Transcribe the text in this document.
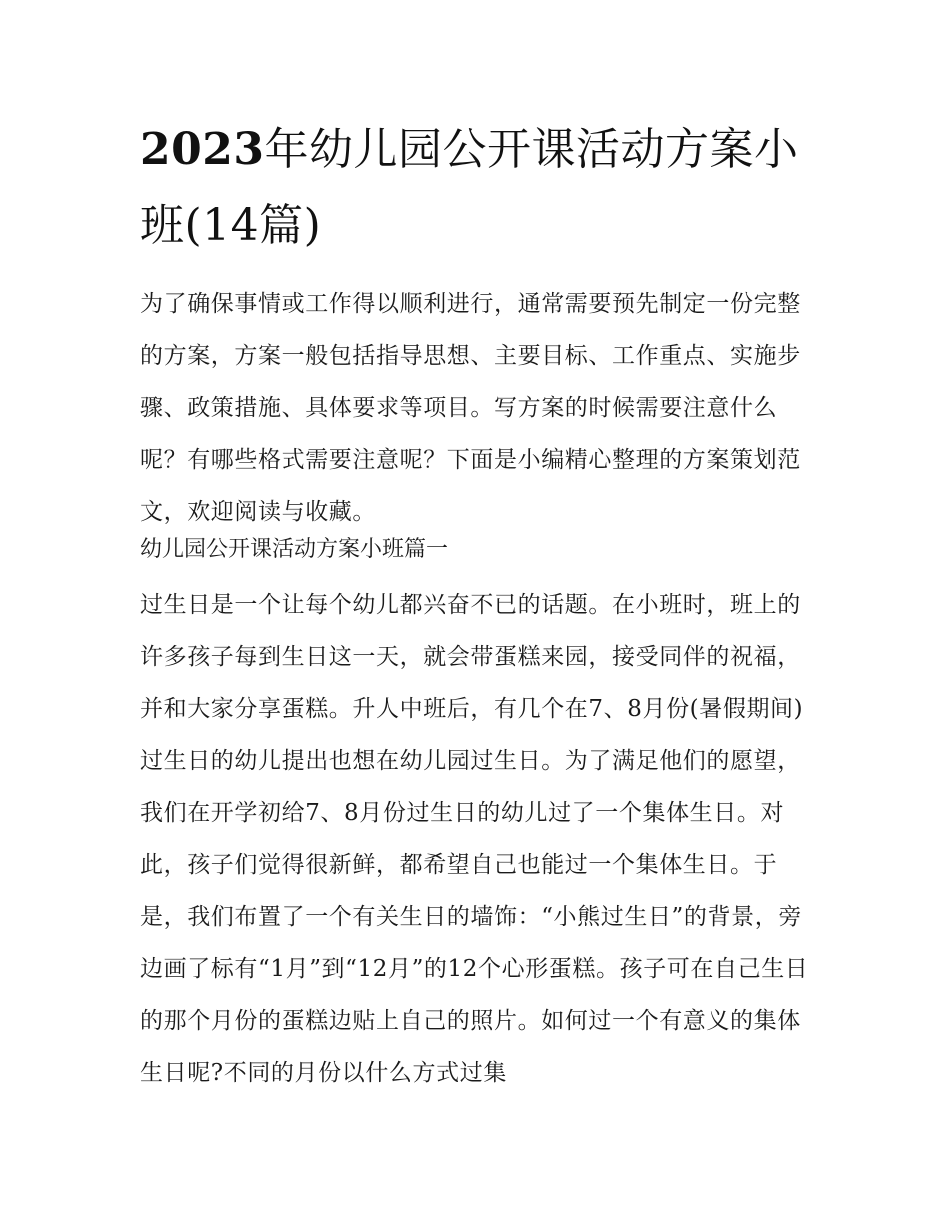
2023年幼儿园公开课活动方案小班(14篇)

为了确保事情或工作得以顺利进行，通常需要预先制定一份完整的方案，方案一般包括指导思想、主要目标、工作重点、实施步骤、政策措施、具体要求等项目。写方案的时候需要注意什么呢？有哪些格式需要注意呢？下面是小编精心整理的方案策划范文，欢迎阅读与收藏。

幼儿园公开课活动方案小班篇一

过生日是一个让每个幼儿都兴奋不已的话题。在小班时，班上的许多孩子每到生日这一天，就会带蛋糕来园，接受同伴的祝福，并和大家分享蛋糕。升人中班后，有几个在7、8月份(暑假期间)过生日的幼儿提出也想在幼儿园过生日。为了满足他们的愿望，我们在开学初给7、8月份过生日的幼儿过了一个集体生日。对此，孩子们觉得很新鲜，都希望自己也能过一个集体生日。于是，我们布置了一个有关生日的墙饰：“小熊过生日”的背景，旁边画了标有“1月”到“12月”的12个心形蛋糕。孩子可在自己生日的那个月份的蛋糕边贴上自己的照片。如何过一个有意义的集体生日呢?不同的月份以什么方式过集
